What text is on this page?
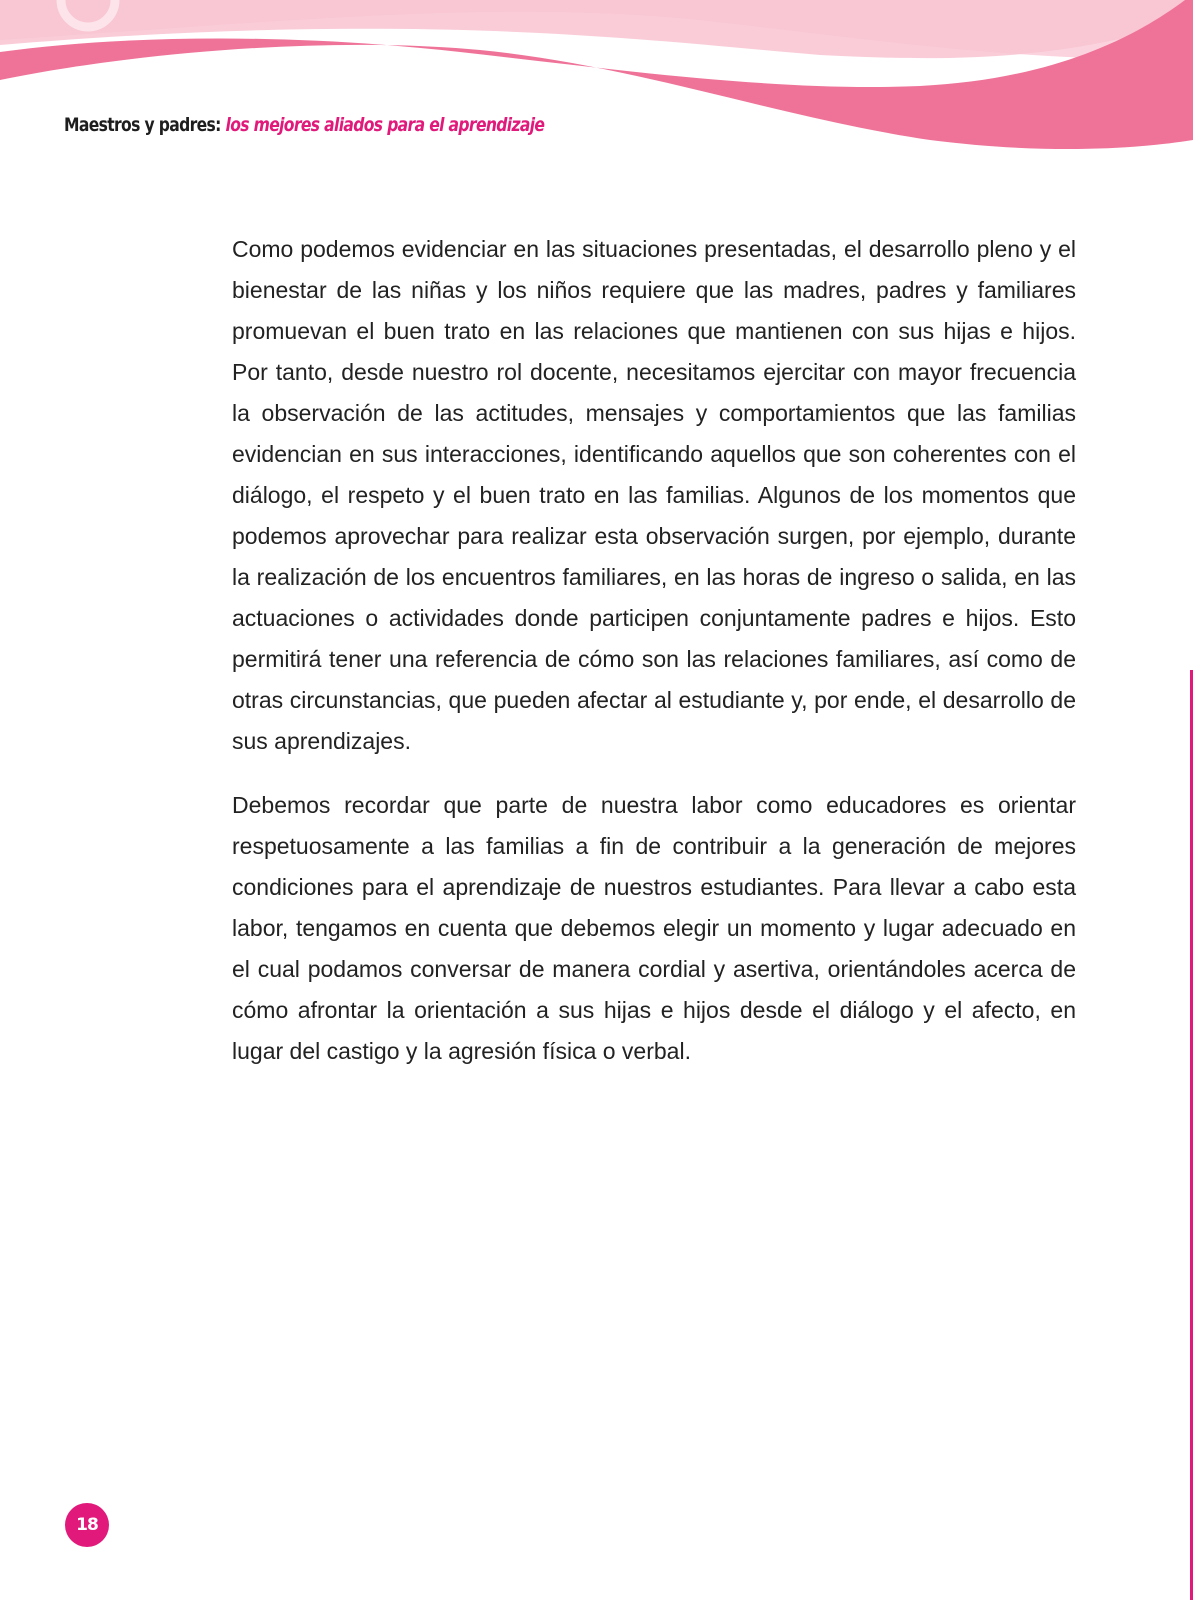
Maestros y padres: los mejores aliados para el aprendizaje

Como podemos evidenciar en las situaciones presentadas, el desarrollo pleno y el bienestar de las niñas y los niños requiere que las madres, padres y familiares promuevan el buen trato en las relaciones que mantienen con sus hijas e hijos. Por tanto, desde nuestro rol docente, necesitamos ejercitar con mayor frecuencia la observación de las actitudes, mensajes y comportamientos que las familias evidencian en sus interacciones, identificando aquellos que son coherentes con el diálogo, el respeto y el buen trato en las familias. Algunos de los momentos que podemos aprovechar para realizar esta observación surgen, por ejemplo, durante la realización de los encuentros familiares, en las horas de ingreso o salida, en las actuaciones o actividades donde participen conjuntamente padres e hijos. Esto permitirá tener una referencia de cómo son las relaciones familiares, así como de otras circunstancias, que pueden afectar al estudiante y, por ende, el desarrollo de sus aprendizajes.

Debemos recordar que parte de nuestra labor como educadores es orientar respetuosamente a las familias a fin de contribuir a la generación de mejores condiciones para el aprendizaje de nuestros estudiantes. Para llevar a cabo esta labor, tengamos en cuenta que debemos elegir un momento y lugar adecuado en el cual podamos conversar de manera cordial y asertiva, orientándoles acerca de cómo afrontar la orientación a sus hijas e hijos desde el diálogo y el afecto, en lugar del castigo y la agresión física o verbal.

18
